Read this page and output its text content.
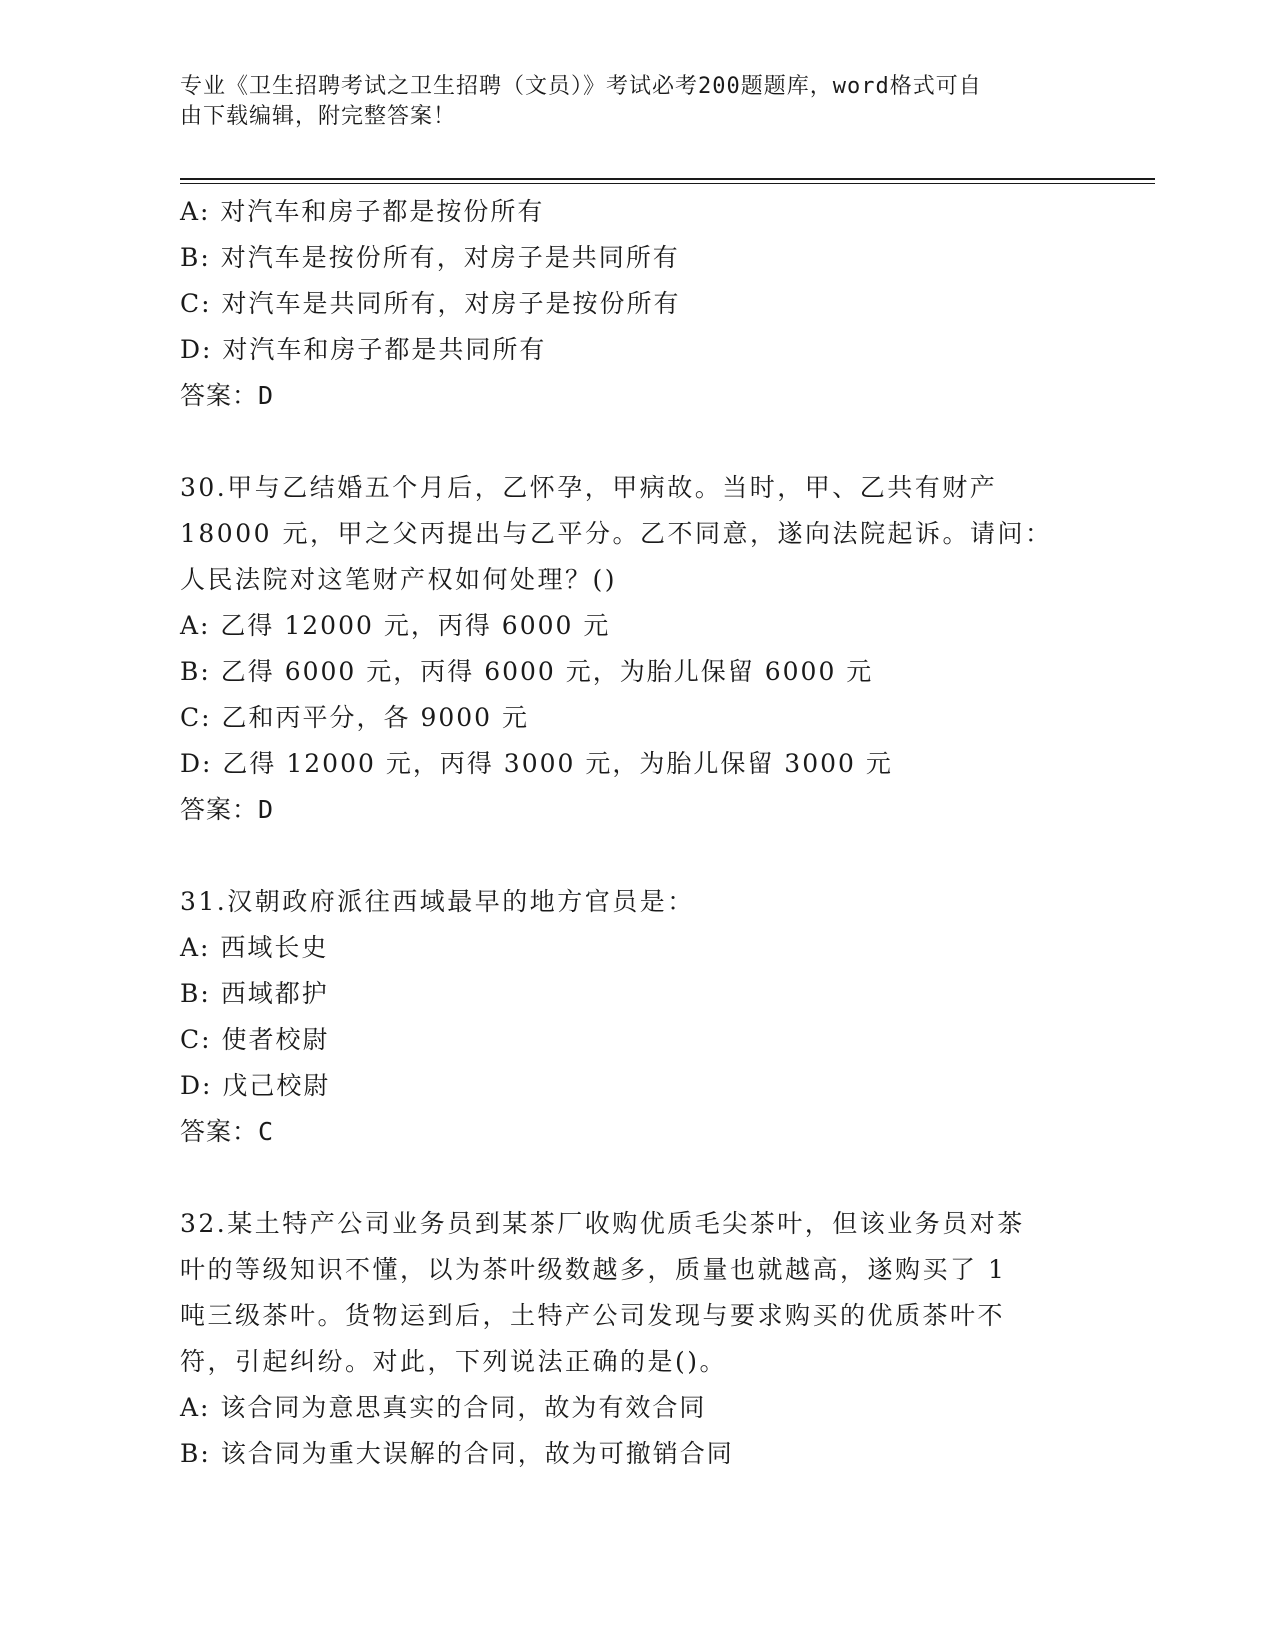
专业《卫生招聘考试之卫生招聘（文员）》考试必考200题题库，word格式可自
由下载编辑，附完整答案！
A: 对汽车和房子都是按份所有
B: 对汽车是按份所有，对房子是共同所有
C: 对汽车是共同所有，对房子是按份所有
D: 对汽车和房子都是共同所有
答案：D
30.甲与乙结婚五个月后，乙怀孕，甲病故。当时，甲、乙共有财产
18000 元，甲之父丙提出与乙平分。乙不同意，遂向法院起诉。请问：
人民法院对这笔财产权如何处理？()
A: 乙得 12000 元，丙得 6000 元
B: 乙得 6000 元，丙得 6000 元，为胎儿保留 6000 元
C: 乙和丙平分，各 9000 元
D: 乙得 12000 元，丙得 3000 元，为胎儿保留 3000 元
答案：D
31.汉朝政府派往西域最早的地方官员是：
A: 西域长史
B: 西域都护
C: 使者校尉
D: 戊己校尉
答案：C
32.某土特产公司业务员到某茶厂收购优质毛尖茶叶，但该业务员对茶
叶的等级知识不懂，以为茶叶级数越多，质量也就越高，遂购买了 1
吨三级茶叶。货物运到后，土特产公司发现与要求购买的优质茶叶不
符，引起纠纷。对此，下列说法正确的是()。
A: 该合同为意思真实的合同，故为有效合同
B: 该合同为重大误解的合同，故为可撤销合同
